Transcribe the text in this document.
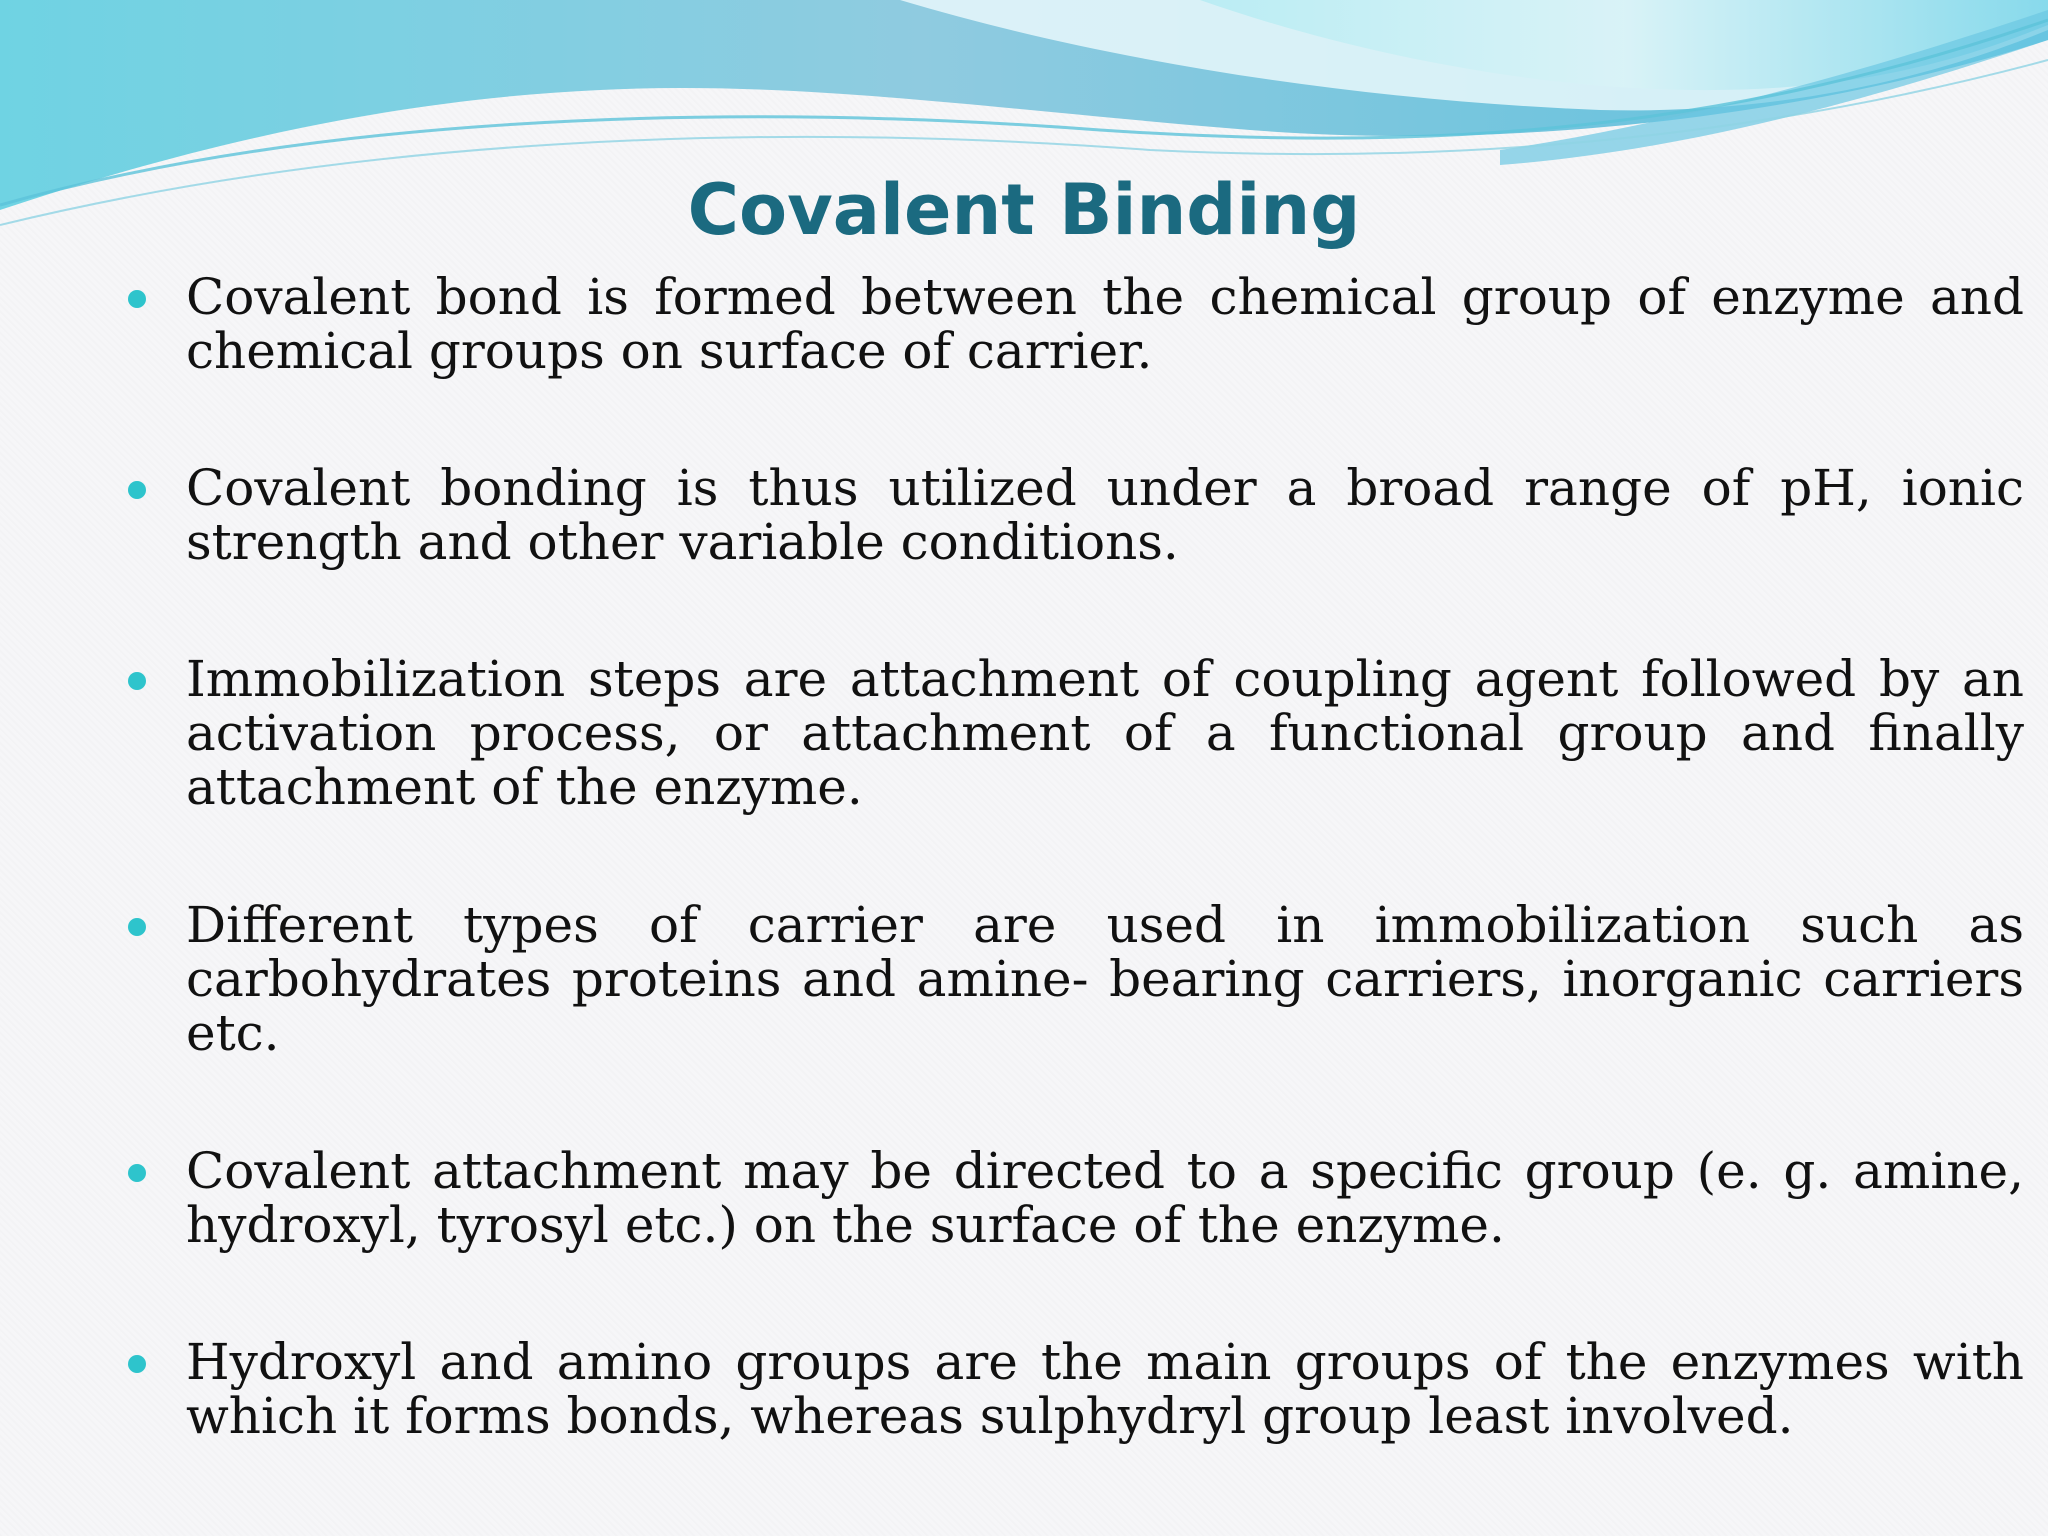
Covalent Binding

Covalent bond is formed between the chemical group of enzyme and chemical groups on surface of carrier.

Covalent bonding is thus utilized under a broad range of pH, ionic strength and other variable conditions.

Immobilization steps are attachment of coupling agent followed by an activation process, or attachment of a functional group and finally attachment of the enzyme.

Different types of carrier are used in immobilization such as carbohydrates proteins and amine- bearing carriers, inorganic carriers etc.

Covalent attachment may be directed to a specific group (e. g. amine, hydroxyl, tyrosyl etc.) on the surface of the enzyme.

Hydroxyl and amino groups are the main groups of the enzymes with which it forms bonds, whereas sulphydryl group least involved.
